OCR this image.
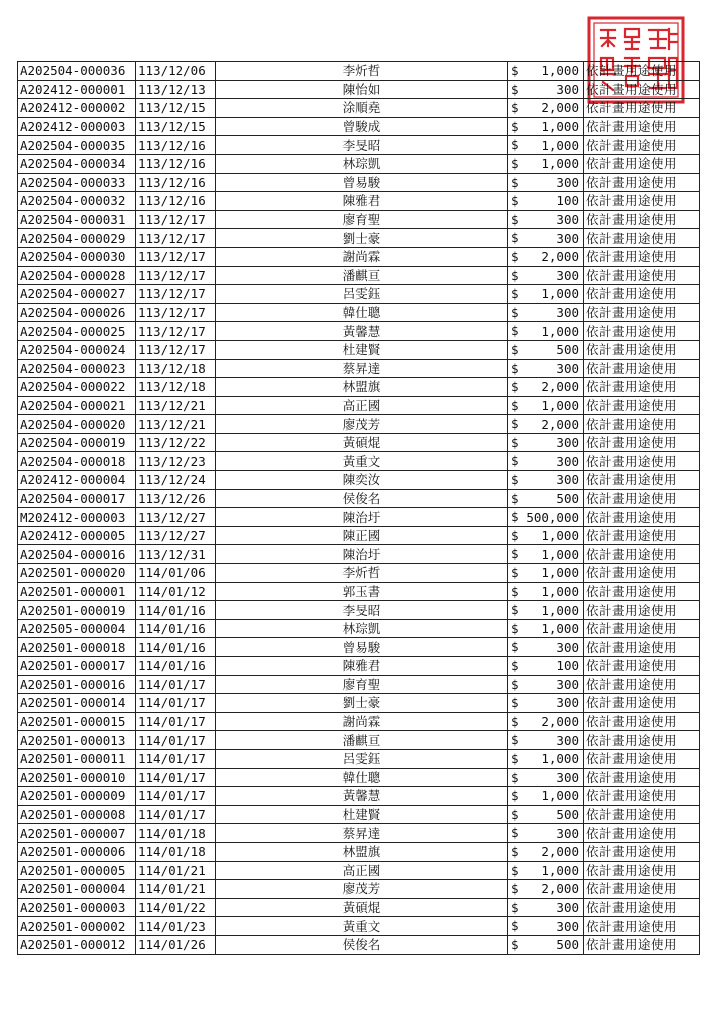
A202504-000036	113/12/06	李炘哲	$ 1,000	依計畫用途使用
A202412-000001	113/12/13	陳怡如	$ 300	依計畫用途使用
A202412-000002	113/12/15	涂順堯	$ 2,000	依計畫用途使用
A202412-000003	113/12/15	曾駿成	$ 1,000	依計畫用途使用
A202504-000035	113/12/16	李旻昭	$ 1,000	依計畫用途使用
A202504-000034	113/12/16	林琮凱	$ 1,000	依計畫用途使用
A202504-000033	113/12/16	曾易駿	$ 300	依計畫用途使用
A202504-000032	113/12/16	陳雅君	$ 100	依計畫用途使用
A202504-000031	113/12/17	廖育聖	$ 300	依計畫用途使用
A202504-000029	113/12/17	劉士豪	$ 300	依計畫用途使用
A202504-000030	113/12/17	謝尚霖	$ 2,000	依計畫用途使用
A202504-000028	113/12/17	潘麒亘	$ 300	依計畫用途使用
A202504-000027	113/12/17	呂雯鈺	$ 1,000	依計畫用途使用
A202504-000026	113/12/17	韓仕聰	$ 300	依計畫用途使用
A202504-000025	113/12/17	黃馨慧	$ 1,000	依計畫用途使用
A202504-000024	113/12/17	杜建賢	$ 500	依計畫用途使用
A202504-000023	113/12/18	蔡昇達	$ 300	依計畫用途使用
A202504-000022	113/12/18	林盟旗	$ 2,000	依計畫用途使用
A202504-000021	113/12/21	高正國	$ 1,000	依計畫用途使用
A202504-000020	113/12/21	廖茂芳	$ 2,000	依計畫用途使用
A202504-000019	113/12/22	黃碩焜	$ 300	依計畫用途使用
A202504-000018	113/12/23	黃重文	$ 300	依計畫用途使用
A202412-000004	113/12/24	陳奕汝	$ 300	依計畫用途使用
A202504-000017	113/12/26	侯俊名	$ 500	依計畫用途使用
M202412-000003	113/12/27	陳治圩	$ 500,000	依計畫用途使用
A202412-000005	113/12/27	陳正國	$ 1,000	依計畫用途使用
A202504-000016	113/12/31	陳治圩	$ 1,000	依計畫用途使用
A202501-000020	114/01/06	李炘哲	$ 1,000	依計畫用途使用
A202501-000001	114/01/12	郭玉書	$ 1,000	依計畫用途使用
A202501-000019	114/01/16	李旻昭	$ 1,000	依計畫用途使用
A202505-000004	114/01/16	林琮凱	$ 1,000	依計畫用途使用
A202501-000018	114/01/16	曾易駿	$ 300	依計畫用途使用
A202501-000017	114/01/16	陳雅君	$ 100	依計畫用途使用
A202501-000016	114/01/17	廖育聖	$ 300	依計畫用途使用
A202501-000014	114/01/17	劉士豪	$ 300	依計畫用途使用
A202501-000015	114/01/17	謝尚霖	$ 2,000	依計畫用途使用
A202501-000013	114/01/17	潘麒亘	$ 300	依計畫用途使用
A202501-000011	114/01/17	呂雯鈺	$ 1,000	依計畫用途使用
A202501-000010	114/01/17	韓仕聰	$ 300	依計畫用途使用
A202501-000009	114/01/17	黃馨慧	$ 1,000	依計畫用途使用
A202501-000008	114/01/17	杜建賢	$ 500	依計畫用途使用
A202501-000007	114/01/18	蔡昇達	$ 300	依計畫用途使用
A202501-000006	114/01/18	林盟旗	$ 2,000	依計畫用途使用
A202501-000005	114/01/21	高正國	$ 1,000	依計畫用途使用
A202501-000004	114/01/21	廖茂芳	$ 2,000	依計畫用途使用
A202501-000003	114/01/22	黃碩焜	$ 300	依計畫用途使用
A202501-000002	114/01/23	黃重文	$ 300	依計畫用途使用
A202501-000012	114/01/26	侯俊名	$ 500	依計畫用途使用
